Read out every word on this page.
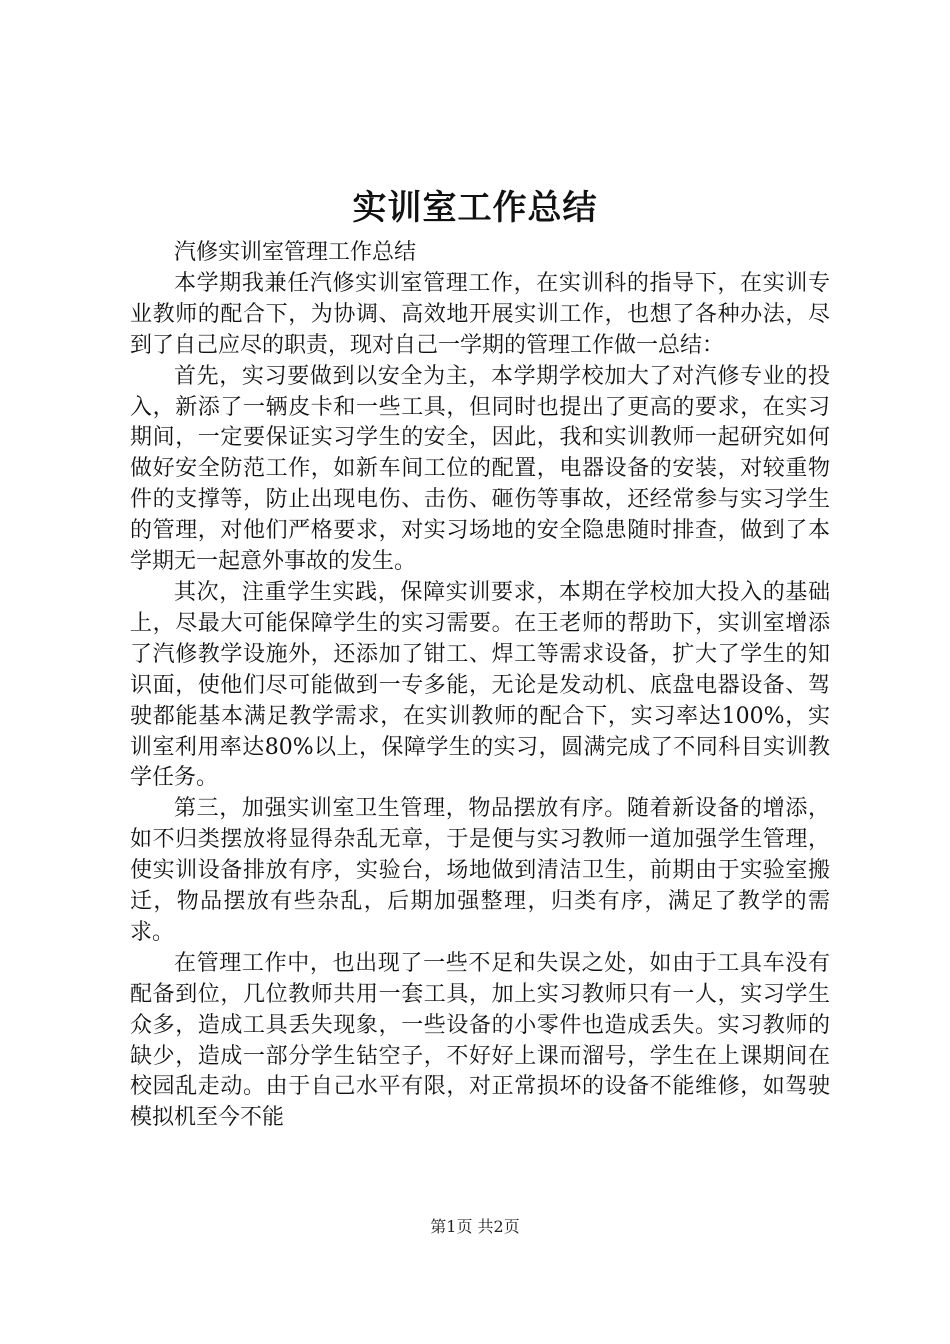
实训室工作总结

汽修实训室管理工作总结

本学期我兼任汽修实训室管理工作，在实训科的指导下，在实训专业教师的配合下，为协调、高效地开展实训工作，也想了各种办法，尽到了自己应尽的职责，现对自己一学期的管理工作做一总结：

首先，实习要做到以安全为主，本学期学校加大了对汽修专业的投入，新添了一辆皮卡和一些工具，但同时也提出了更高的要求，在实习期间，一定要保证实习学生的安全，因此，我和实训教师一起研究如何做好安全防范工作，如新车间工位的配置，电器设备的安装，对较重物件的支撑等，防止出现电伤、击伤、砸伤等事故，还经常参与实习学生的管理，对他们严格要求，对实习场地的安全隐患随时排查，做到了本学期无一起意外事故的发生。

其次，注重学生实践，保障实训要求，本期在学校加大投入的基础上，尽最大可能保障学生的实习需要。在王老师的帮助下，实训室增添了汽修教学设施外，还添加了钳工、焊工等需求设备，扩大了学生的知识面，使他们尽可能做到一专多能，无论是发动机、底盘电器设备、驾驶都能基本满足教学需求，在实训教师的配合下，实习率达100%，实训室利用率达80%以上，保障学生的实习，圆满完成了不同科目实训教学任务。

第三，加强实训室卫生管理，物品摆放有序。随着新设备的增添，如不归类摆放将显得杂乱无章，于是便与实习教师一道加强学生管理，使实训设备排放有序，实验台，场地做到清洁卫生，前期由于实验室搬迁，物品摆放有些杂乱，后期加强整理，归类有序，满足了教学的需求。

在管理工作中，也出现了一些不足和失误之处，如由于工具车没有配备到位，几位教师共用一套工具，加上实习教师只有一人，实习学生众多，造成工具丢失现象，一些设备的小零件也造成丢失。实习教师的缺少，造成一部分学生钻空子，不好好上课而溜号，学生在上课期间在校园乱走动。由于自己水平有限，对正常损坏的设备不能维修，如驾驶模拟机至今不能

第1页 共2页
